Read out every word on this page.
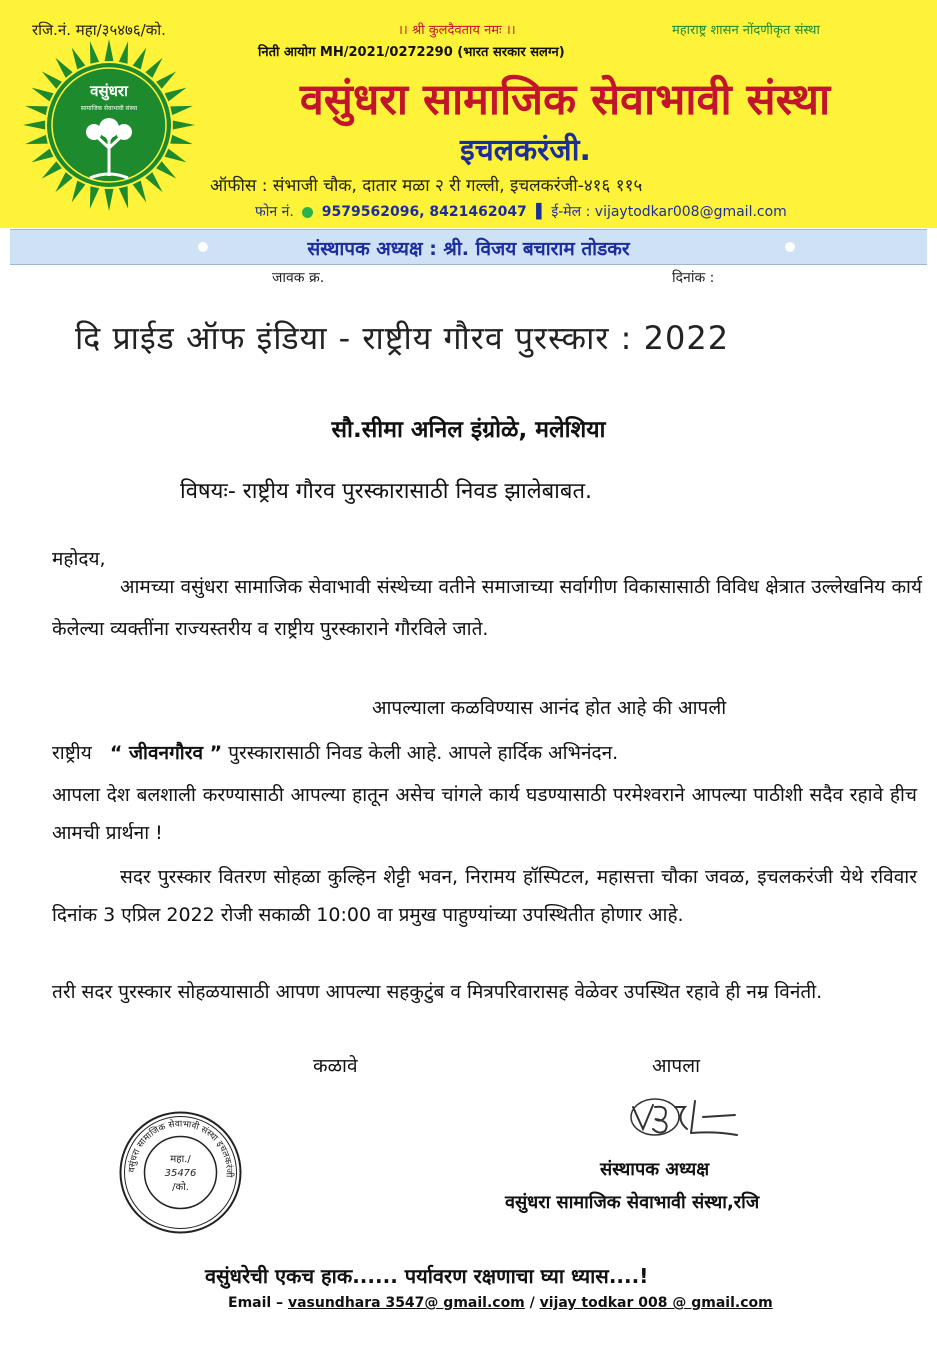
रजि.नं. महा/३५४७६/को.	।। श्री कुलदैवताय नमः ।।	महाराष्ट्र शासन नोंदणीकृत संस्था
निती आयोग MH/2021/0272290 (भारत सरकार सलग्न)
वसुंधरा
सामाजिक सेवाभावी संस्था	वसुंधरा सामाजिक सेवाभावी संस्था
इचलकरंजी.
ऑफीस : संभाजी चौक, दातार मळा २ री गल्ली, इचलकरंजी-४१६ ११५
फोन नं. 9579562096, 8421462047  ▌ ई-मेल : vijaytodkar008@gmail.com
संस्थापक अध्यक्ष : श्री. विजय बचाराम तोडकर
जावक क्र.	दिनांक :
दि प्राईड ऑफ इंडिया - राष्ट्रीय गौरव पुरस्कार : 2022
सौ.सीमा अनिल इंग्रोळे, मलेशिया
विषयः- राष्ट्रीय गौरव पुरस्कारासाठी निवड झालेबाबत.
महोदय,
आमच्या वसुंधरा सामाजिक सेवाभावी संस्थेच्या वतीने समाजाच्या सर्वागीण विकासासाठी विविध क्षेत्रात उल्लेखनिय कार्य केलेल्या व्यक्तींना राज्यस्तरीय व राष्ट्रीय पुरस्काराने गौरविले जाते.
आपल्याला कळविण्यास आनंद होत आहे की आपली
राष्ट्रीय “ जीवनगौरव ” पुरस्कारासाठी निवड केली आहे. आपले हार्दिक अभिनंदन.
आपला देश बलशाली करण्यासाठी आपल्या हातून असेच चांगले कार्य घडण्यासाठी परमेश्वराने आपल्या पाठीशी सदैव रहावे हीच आमची प्रार्थना !
सदर पुरस्कार वितरण सोहळा कुल्हिन शेट्टी भवन, निरामय हॉस्पिटल, महासत्ता चौका जवळ, इचलकरंजी येथे रविवार दिनांक 3 एप्रिल 2022 रोजी सकाळी 10:00 वा प्रमुख पाहुण्यांच्या उपस्थितीत होणार आहे.
तरी सदर पुरस्कार सोहळयासाठी आपण आपल्या सहकुटुंब व मित्रपरिवारासह वेळेवर उपस्थित रहावे ही नम्र विनंती.
कळावे	आपला
वसुंधरा सामाजिक सेवाभावी संस्था इचलकरंजी
महा./
35476
/को.
संस्थापक अध्यक्ष
वसुंधरा सामाजिक सेवाभावी संस्था,रजि
वसुंधरेची एकच हाक...... पर्यावरण रक्षणाचा घ्या ध्यास....!
Email – vasundhara 3547@ gmail.com / vijay todkar 008 @ gmail.com
